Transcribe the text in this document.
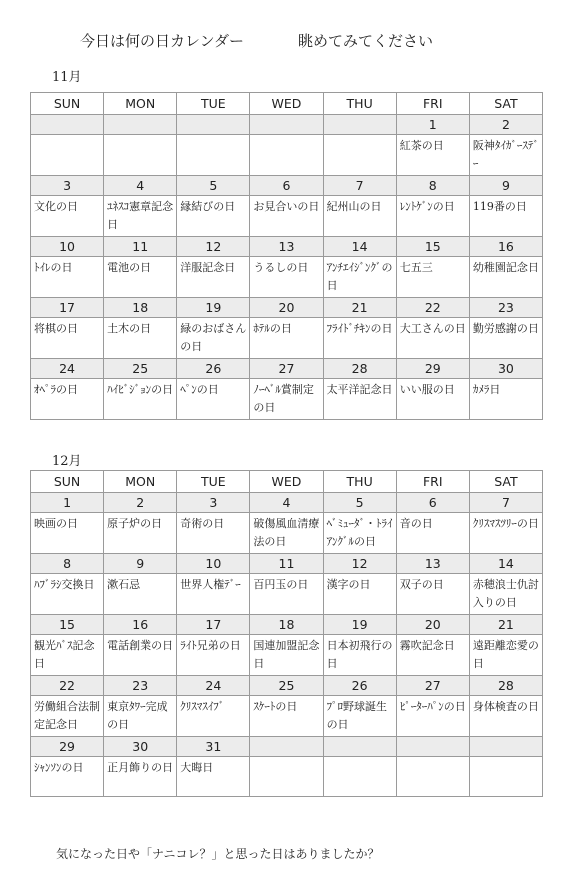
今日は何の日カレンダー	眺めてみてください
11月
SUN	MON	TUE	WED	THU	FRI	SAT
					1	2
					紅茶の日	阪神ﾀｲｶﾞｰｽﾃﾞｰ
3	4	5	6	7	8	9
文化の日	ﾕﾈｽｺ憲章記念日	縁結びの日	お見合いの日	紀州山の日	ﾚﾝﾄｹﾞﾝの日	119番の日
10	11	12	13	14	15	16
ﾄｲﾚの日	電池の日	洋服記念日	うるしの日	ｱﾝﾁｴｲｼﾞﾝｸﾞの日	七五三	幼稚園記念日
17	18	19	20	21	22	23
将棋の日	土木の日	緑のおばさんの日	ﾎﾃﾙの日	ﾌﾗｲﾄﾞﾁｷﾝの日	大工さんの日	勤労感謝の日
24	25	26	27	28	29	30
ｵﾍﾟﾗの日	ﾊｲﾋﾞｼﾞｮﾝの日	ﾍﾟﾝの日	ﾉｰﾍﾞﾙ賞制定の日	太平洋記念日	いい服の日	ｶﾒﾗ日
12月
SUN	MON	TUE	WED	THU	FRI	SAT
1	2	3	4	5	6	7
映画の日	原子炉の日	奇術の日	破傷風血清療法の日	ﾍﾞﾐｭｰﾀﾞ・ﾄﾗｲｱﾝｸﾞﾙの日	音の日	ｸﾘｽﾏｽﾂﾘｰの日
8	9	10	11	12	13	14
ﾊﾌﾞﾗｼ交換日	漱石忌	世界人権ﾃﾞｰ	百円玉の日	漢字の日	双子の日	赤穂浪士仇討入りの日
15	16	17	18	19	20	21
観光ﾊﾞｽ記念日	電話創業の日	ﾗｲﾄ兄弟の日	国連加盟記念日	日本初飛行の日	霧吹記念日	遠距離恋愛の日
22	23	24	25	26	27	28
労働組合法制定記念日	東京ﾀﾜｰ完成の日	ｸﾘｽﾏｽｲﾌﾞ	ｽｹｰﾄの日	ﾌﾟﾛ野球誕生の日	ﾋﾟｰﾀｰﾊﾟﾝの日	身体検査の日
29	30	31				
ｼｬﾝｿﾝの日	正月飾りの日	大晦日				
気になった日や「ナニコレ？」と思った日はありましたか？
